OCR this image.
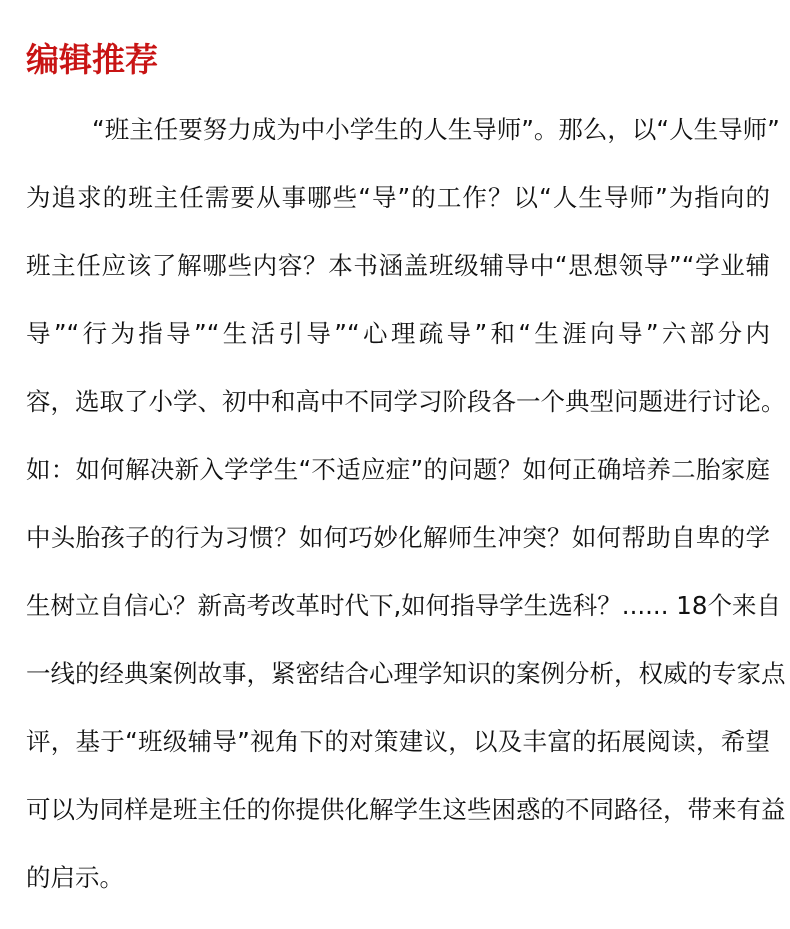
编辑推荐
“班主任要努力成为中小学生的人生导师”。那么，以“人生导师”
为追求的班主任需要从事哪些“导”的工作？以“人生导师”为指向的
班主任应该了解哪些内容？本书涵盖班级辅导中“思想领导”“学业辅
导”“行为指导”“生活引导”“心理疏导”和“生涯向导”六部分内
容，选取了小学、初中和高中不同学习阶段各一个典型问题进行讨论。
如：如何解决新入学学生“不适应症”的问题？如何正确培养二胎家庭
中头胎孩子的行为习惯？如何巧妙化解师生冲突？如何帮助自卑的学
生树立自信心？新高考改革时代下,如何指导学生选科？...... 18个来自
一线的经典案例故事，紧密结合心理学知识的案例分析，权威的专家点
评，基于“班级辅导”视角下的对策建议，以及丰富的拓展阅读，希望
可以为同样是班主任的你提供化解学生这些困惑的不同路径，带来有益
的启示。
